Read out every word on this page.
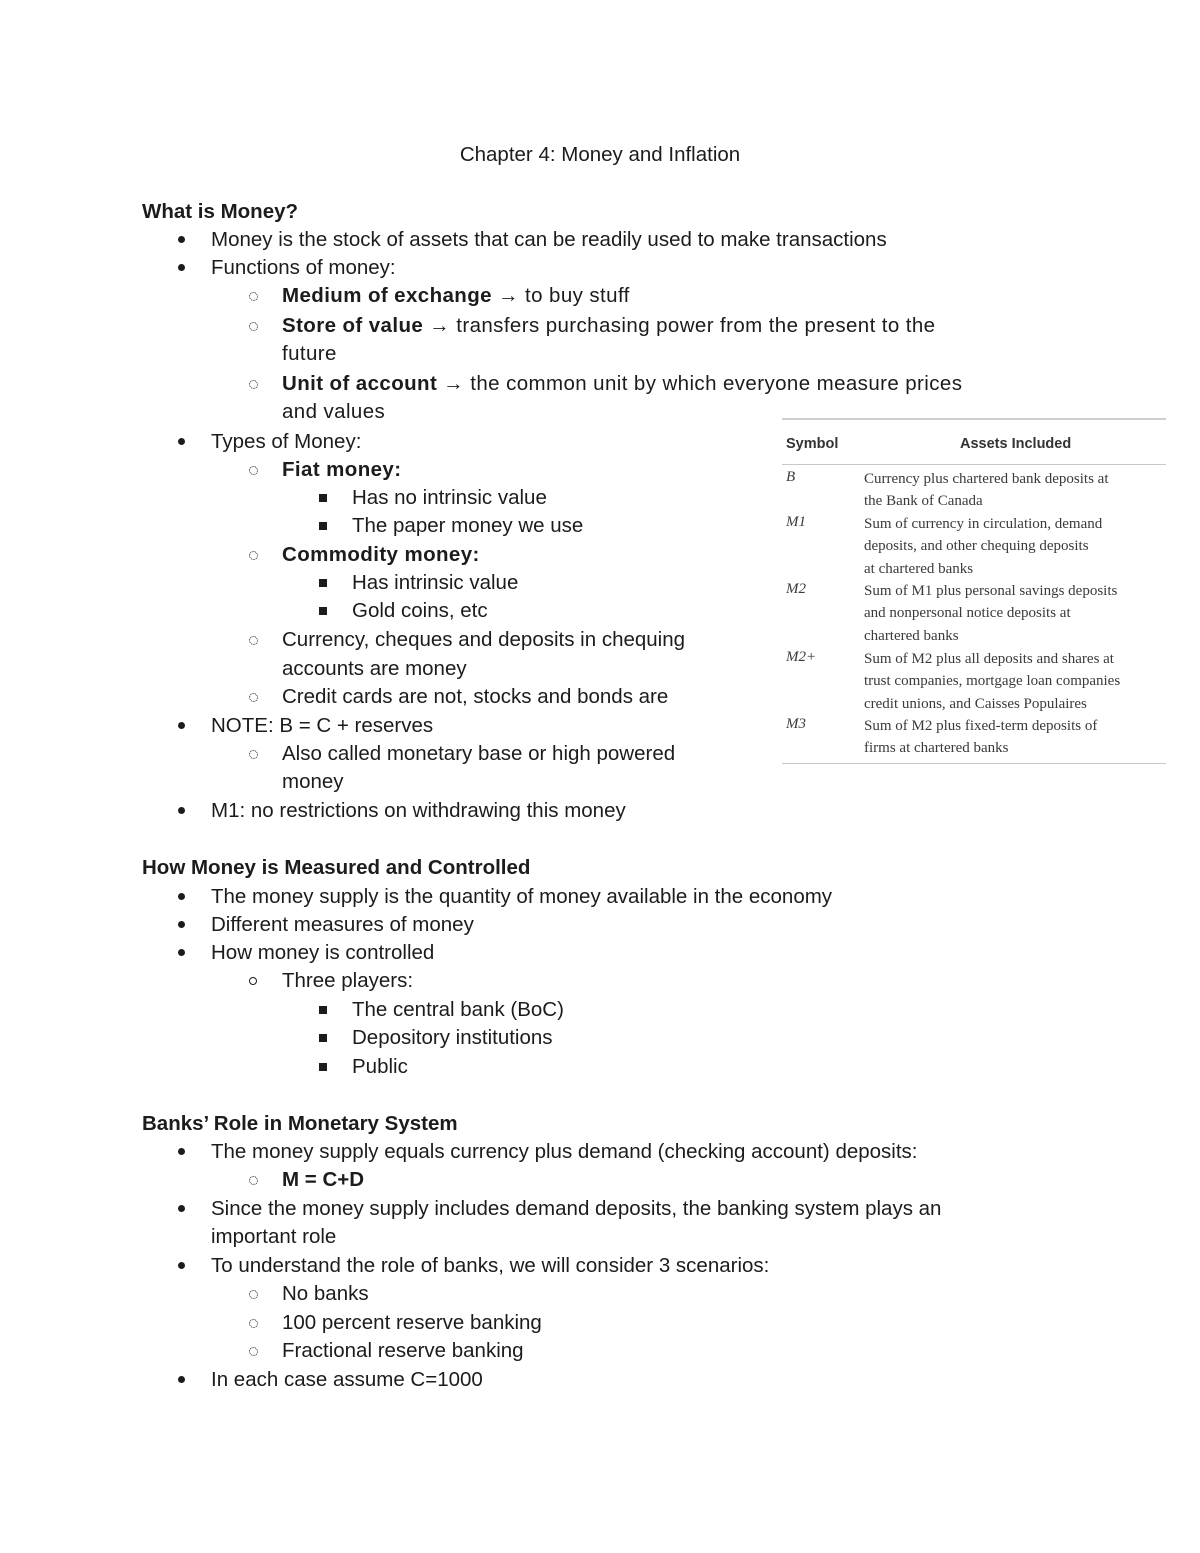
Chapter 4: Money and Inflation
What is Money?
Money is the stock of assets that can be readily used to make transactions
Functions of money:
Medium of exchange → to buy stuff
Store of value → transfers purchasing power from the present to the
future
Unit of account → the common unit by which everyone measure prices
and values
Types of Money:
Fiat money:
Has no intrinsic value
The paper money we use
Commodity money:
Has intrinsic value
Gold coins, etc
Currency, cheques and deposits in chequing
accounts are money
Credit cards are not, stocks and bonds are
NOTE: B = C + reserves
Also called monetary base or high powered
money
M1: no restrictions on withdrawing this money
Symbol	Assets Included
B	Currency plus chartered bank deposits at
the Bank of Canada
M1	Sum of currency in circulation, demand
deposits, and other chequing deposits
at chartered banks
M2	Sum of M1 plus personal savings deposits
and nonpersonal notice deposits at
chartered banks
M2+	Sum of M2 plus all deposits and shares at
trust companies, mortgage loan companies
credit unions, and Caisses Populaires
M3	Sum of M2 plus fixed-term deposits of
firms at chartered banks
How Money is Measured and Controlled
The money supply is the quantity of money available in the economy
Different measures of money
How money is controlled
Three players:
The central bank (BoC)
Depository institutions
Public
Banks’ Role in Monetary System
The money supply equals currency plus demand (checking account) deposits:
M = C+D
Since the money supply includes demand deposits, the banking system plays an
important role
To understand the role of banks, we will consider 3 scenarios:
No banks
100 percent reserve banking
Fractional reserve banking
In each case assume C=1000
